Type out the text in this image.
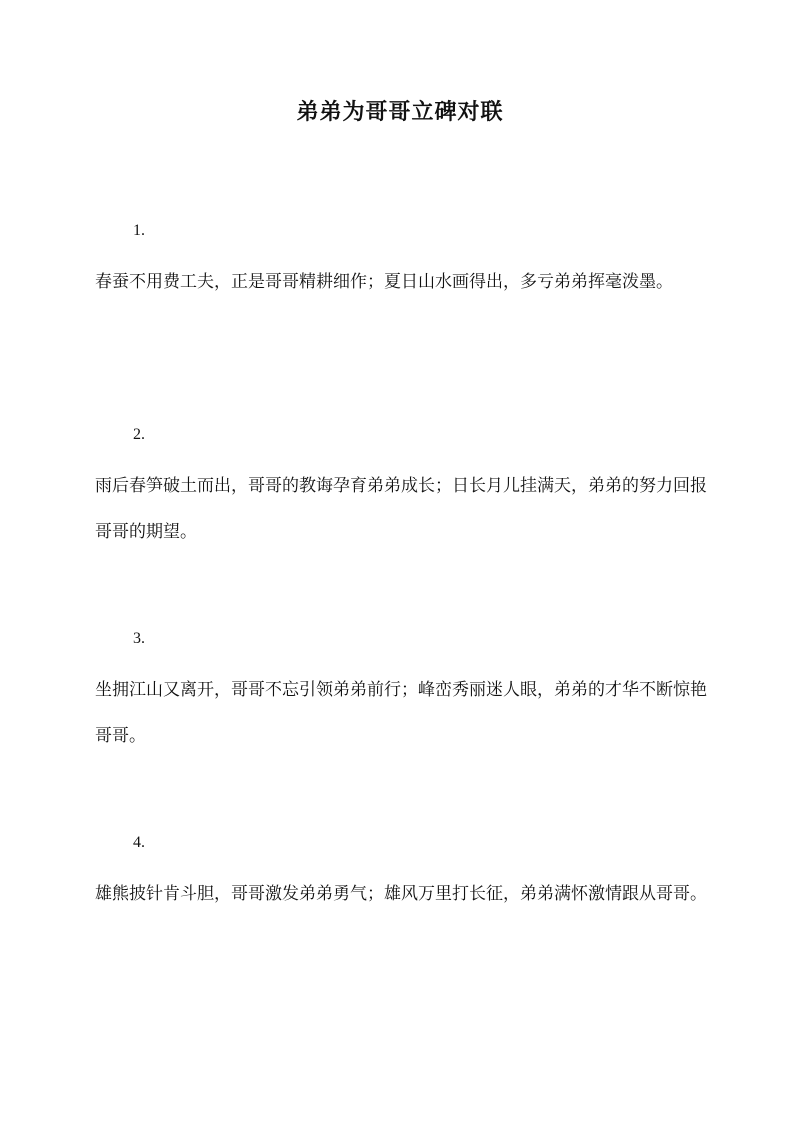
弟弟为哥哥立碑对联
1.
春蚕不用费工夫，正是哥哥精耕细作；夏日山水画得出，多亏弟弟挥毫泼墨。
2.
雨后春笋破土而出，哥哥的教诲孕育弟弟成长；日长月儿挂满天，弟弟的努力回报哥哥的期望。
3.
坐拥江山又离开，哥哥不忘引领弟弟前行；峰峦秀丽迷人眼，弟弟的才华不断惊艳哥哥。
4.
雄熊披针肯斗胆，哥哥激发弟弟勇气；雄风万里打长征，弟弟满怀激情跟从哥哥。
